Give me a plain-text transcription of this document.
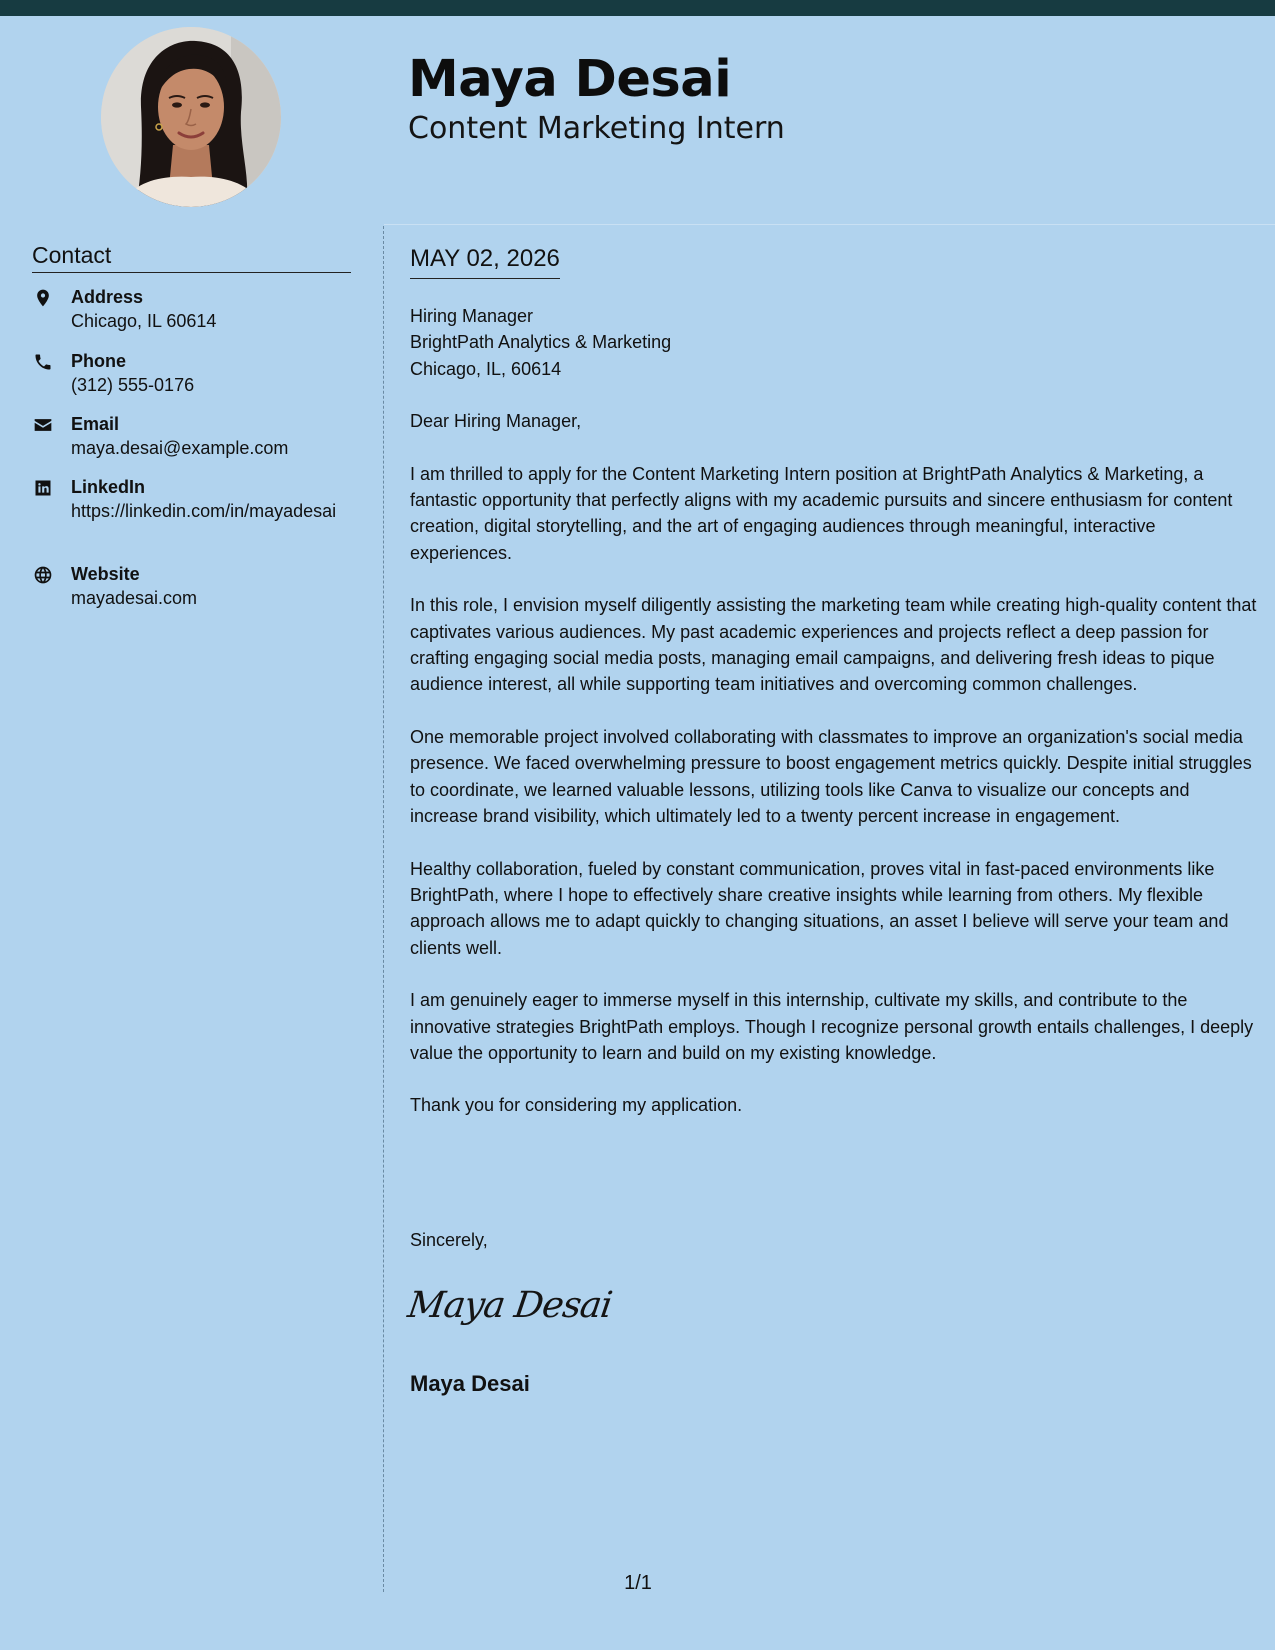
Maya Desai
Content Marketing Intern
Contact
Address
Chicago, IL 60614
Phone
(312) 555-0176
Email
maya.desai@example.com
LinkedIn
https://linkedin.com/in/mayadesai
Website
mayadesai.com
MAY 02, 2026
Hiring Manager
BrightPath Analytics & Marketing
Chicago, IL, 60614
Dear Hiring Manager,

I am thrilled to apply for the Content Marketing Intern position at BrightPath Analytics & Marketing, a fantastic opportunity that perfectly aligns with my academic pursuits and sincere enthusiasm for content creation, digital storytelling, and the art of engaging audiences through meaningful, interactive experiences.

In this role, I envision myself diligently assisting the marketing team while creating high-quality content that captivates various audiences. My past academic experiences and projects reflect a deep passion for crafting engaging social media posts, managing email campaigns, and delivering fresh ideas to pique audience interest, all while supporting team initiatives and overcoming common challenges.

One memorable project involved collaborating with classmates to improve an organization's social media presence. We faced overwhelming pressure to boost engagement metrics quickly. Despite initial struggles to coordinate, we learned valuable lessons, utilizing tools like Canva to visualize our concepts and increase brand visibility, which ultimately led to a twenty percent increase in engagement.

Healthy collaboration, fueled by constant communication, proves vital in fast-paced environments like BrightPath, where I hope to effectively share creative insights while learning from others. My flexible approach allows me to adapt quickly to changing situations, an asset I believe will serve your team and clients well.

I am genuinely eager to immerse myself in this internship, cultivate my skills, and contribute to the innovative strategies BrightPath employs. Though I recognize personal growth entails challenges, I deeply value the opportunity to learn and build on my existing knowledge.

Thank you for considering my application.

Sincerely,
Maya Desai
Maya Desai
1/1
